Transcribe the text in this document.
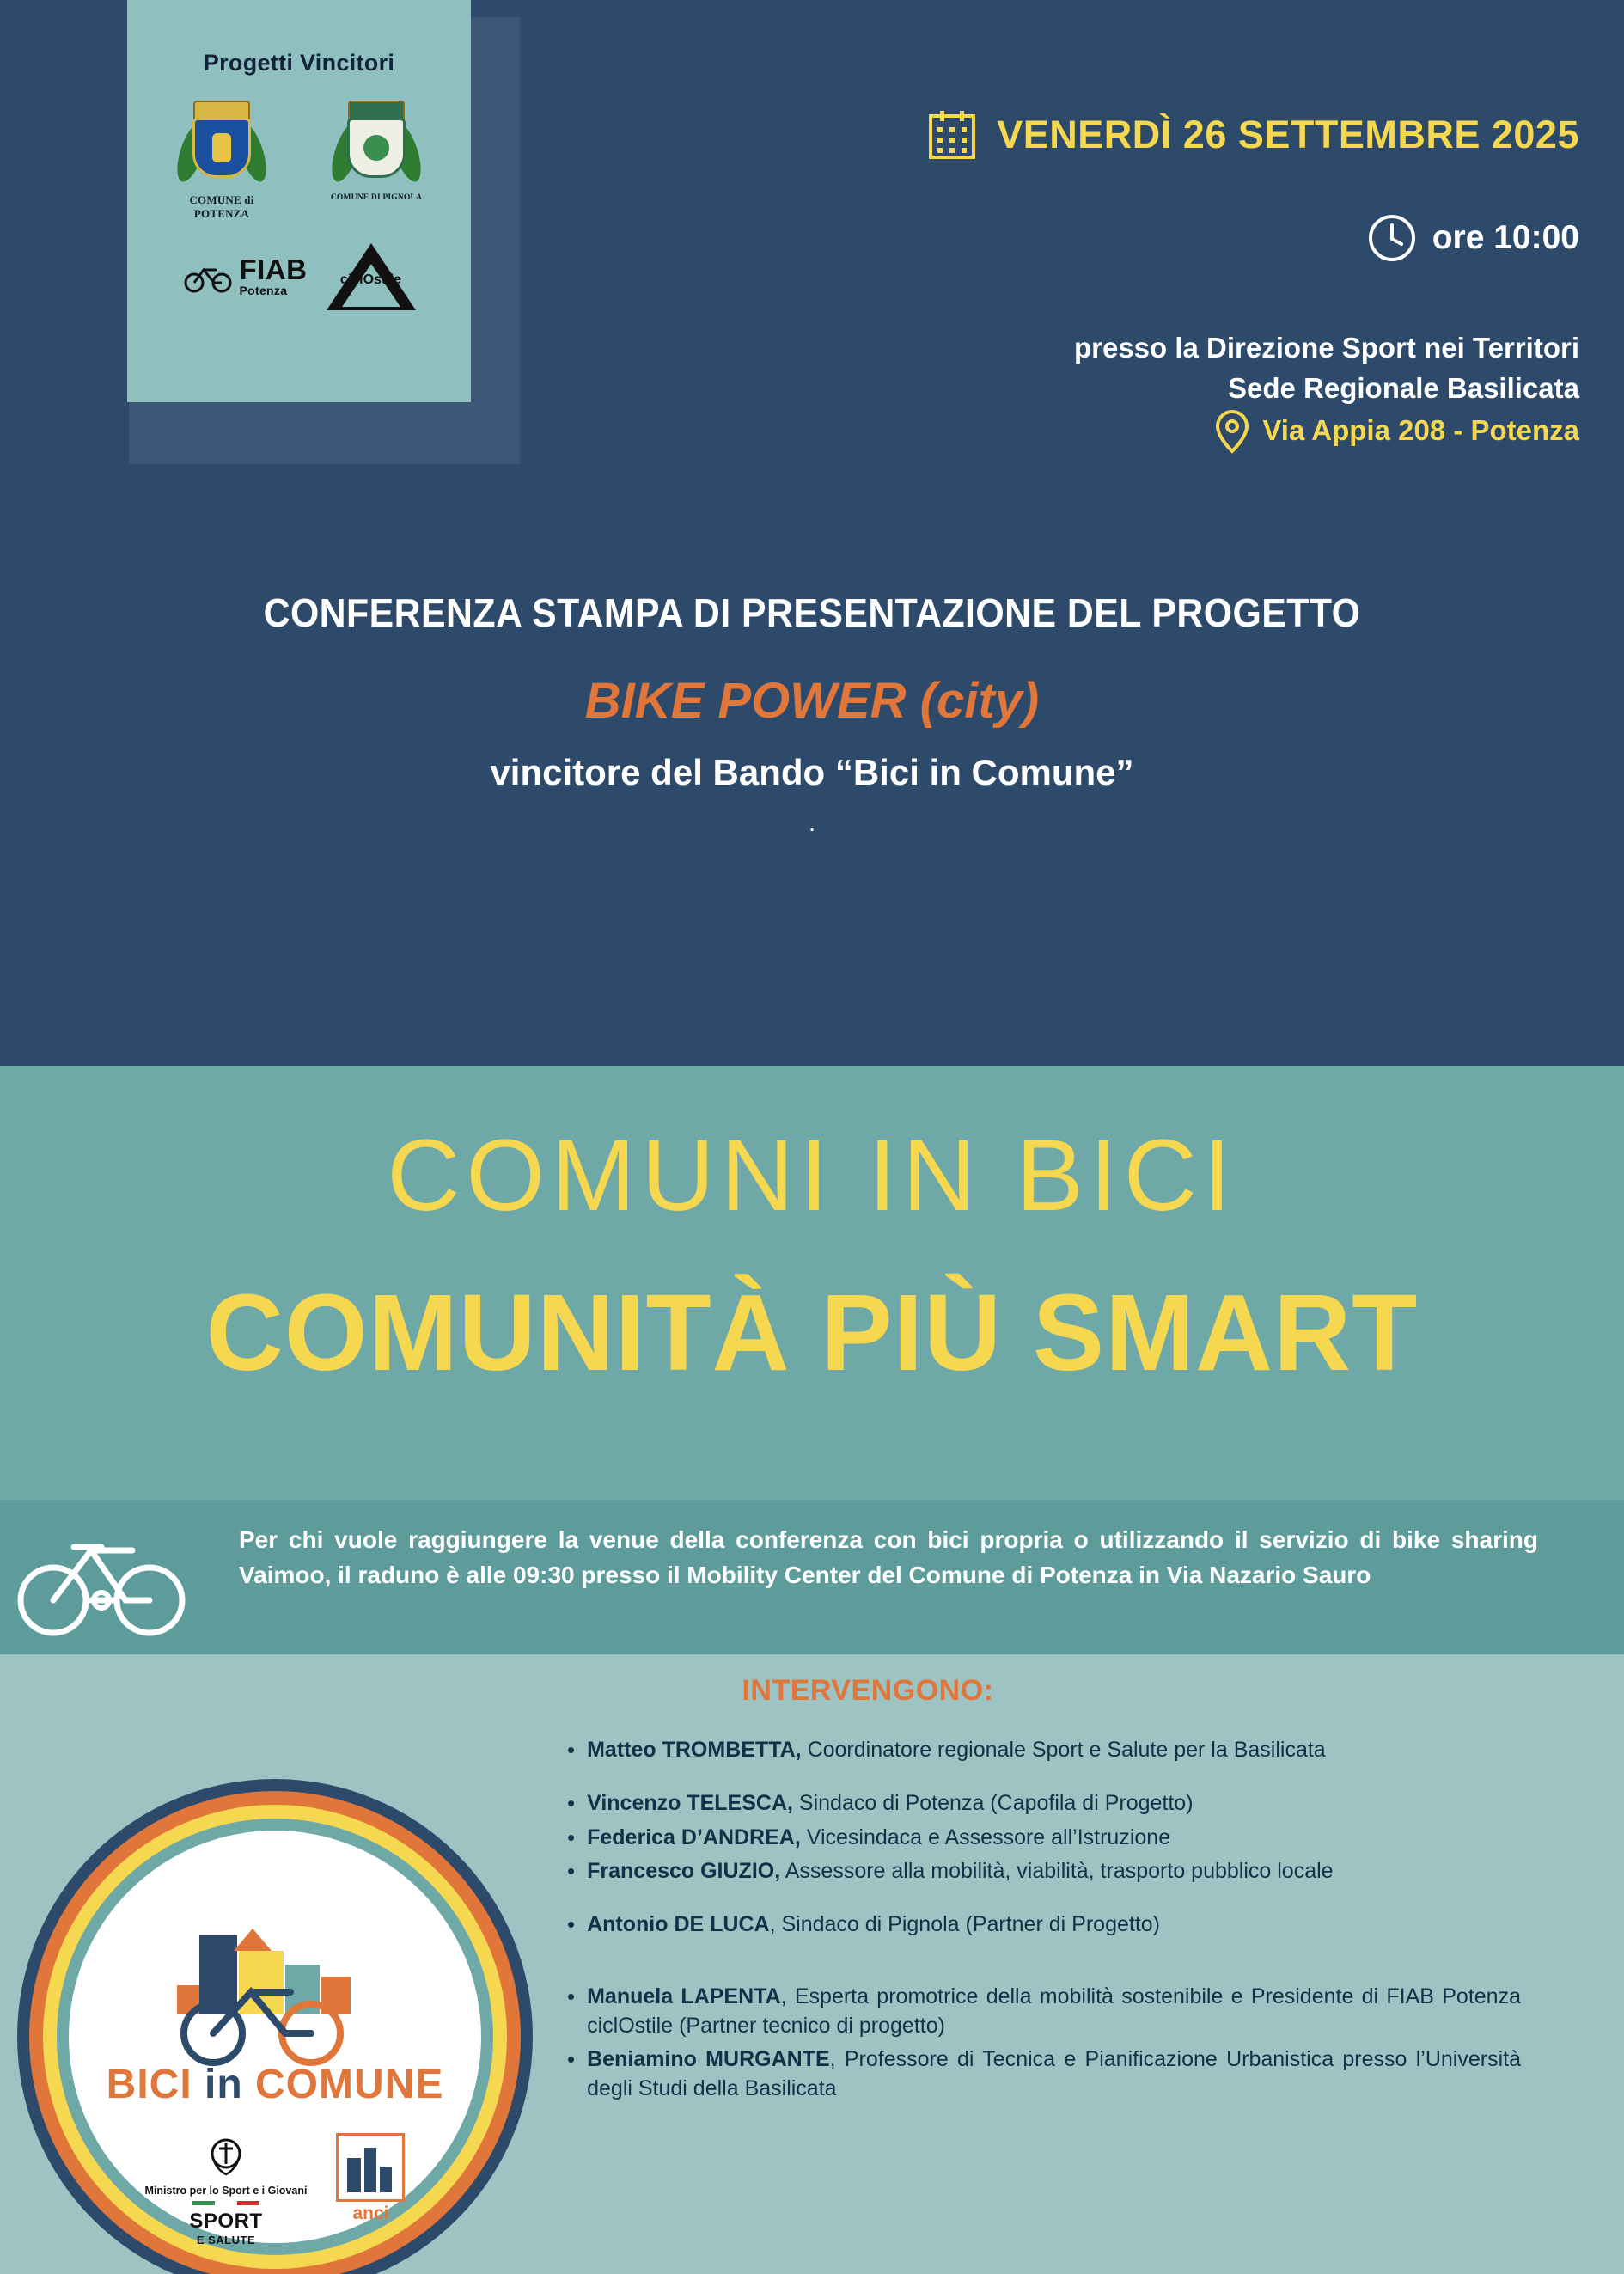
Progetti Vincitori
COMUNE di POTENZA
COMUNE DI PIGNOLA
FIAB
Potenza
ciclOstile
VENERDÌ 26 SETTEMBRE 2025
ore 10:00
presso la Direzione Sport nei Territori
Sede Regionale Basilicata
Via Appia 208 - Potenza
CONFERENZA STAMPA DI PRESENTAZIONE DEL PROGETTO
BIKE POWER (city)
vincitore del Bando “Bici in Comune”
.
COMUNI IN BICI
COMUNITÀ PIÙ SMART
Per chi vuole raggiungere la venue della conferenza con bici propria o utilizzando il servizio di bike sharing Vaimoo, il raduno è alle 09:30 presso il Mobility Center del Comune di Potenza in Via Nazario Sauro
INTERVENGONO:
• Matteo TROMBETTA, Coordinatore regionale Sport e Salute per la Basilicata
• Vincenzo TELESCA, Sindaco di Potenza (Capofila di Progetto)
• Federica D’ANDREA, Vicesindaca e Assessore all’Istruzione
• Francesco GIUZIO, Assessore alla mobilità, viabilità, trasporto pubblico locale
• Antonio DE LUCA, Sindaco di Pignola (Partner di Progetto)
• Manuela LAPENTA, Esperta promotrice della mobilità sostenibile e Presidente di FIAB Potenza ciclOstile (Partner tecnico di progetto)
• Beniamino MURGANTE, Professore di Tecnica e Pianificazione Urbanistica presso l’Università degli Studi della Basilicata
BICI in COMUNE
Ministro per lo Sport e i Giovani
SPORT
E SALUTE
anci
